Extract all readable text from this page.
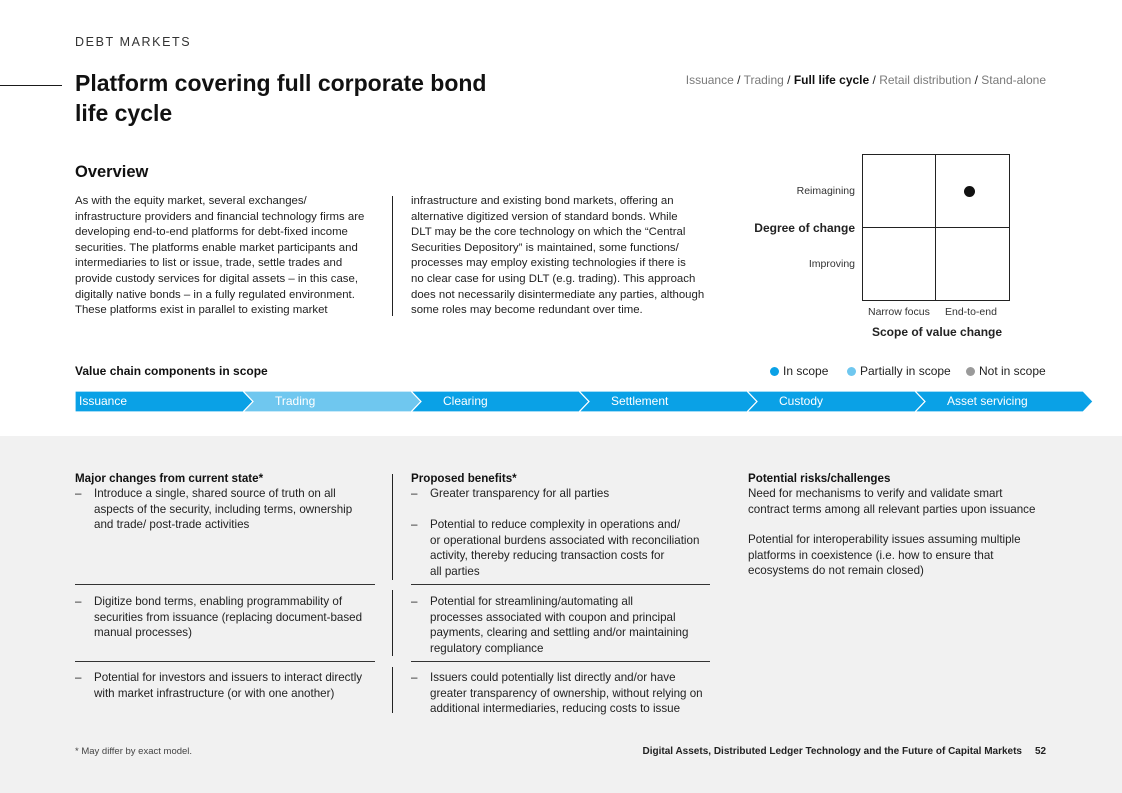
DEBT MARKETS
Platform covering full corporate bond
life cycle
Issuance / Trading / Full life cycle / Retail distribution / Stand-alone
Overview
As with the equity market, several exchanges/
infrastructure providers and financial technology firms are
developing end-to-end platforms for debt-fixed income
securities. The platforms enable market participants and
intermediaries to list or issue, trade, settle trades and
provide custody services for digital assets – in this case,
digitally native bonds – in a fully regulated environment.
These platforms exist in parallel to existing market
infrastructure and existing bond markets, offering an
alternative digitized version of standard bonds. While
DLT may be the core technology on which the “Central
Securities Depository” is maintained, some functions/
processes may employ existing technologies if there is
no clear case for using DLT (e.g. trading). This approach
does not necessarily disintermediate any parties, although
some roles may become redundant over time.
Reimagining
Degree of change
Improving
Narrow focus End-to-end
Scope of value change
Value chain components in scope	In scope	Partially in scope Not in scope
Issuance	Trading	Clearing	Settlement	Custody	Asset servicing
Major changes from current state*
– Introduce a single, shared source of truth on all
aspects of the security, including terms, ownership
and trade/ post-trade activities
– Digitize bond terms, enabling programmability of
securities from issuance (replacing document-based
manual processes)
– Potential for investors and issuers to interact directly
with market infrastructure (or with one another)
Proposed benefits*
– Greater transparency for all parties
– Potential to reduce complexity in operations and/
or operational burdens associated with reconciliation
activity, thereby reducing transaction costs for
all parties
– Potential for streamlining/automating all
processes associated with coupon and principal
payments, clearing and settling and/or maintaining
regulatory compliance
– Issuers could potentially list directly and/or have
greater transparency of ownership, without relying on
additional intermediaries, reducing costs to issue
Potential risks/challenges
Need for mechanisms to verify and validate smart
contract terms among all relevant parties upon issuance
Potential for interoperability issues assuming multiple
platforms in coexistence (i.e. how to ensure that
ecosystems do not remain closed)
* May differ by exact model.	Digital Assets, Distributed Ledger Technology and the Future of Capital Markets 52
